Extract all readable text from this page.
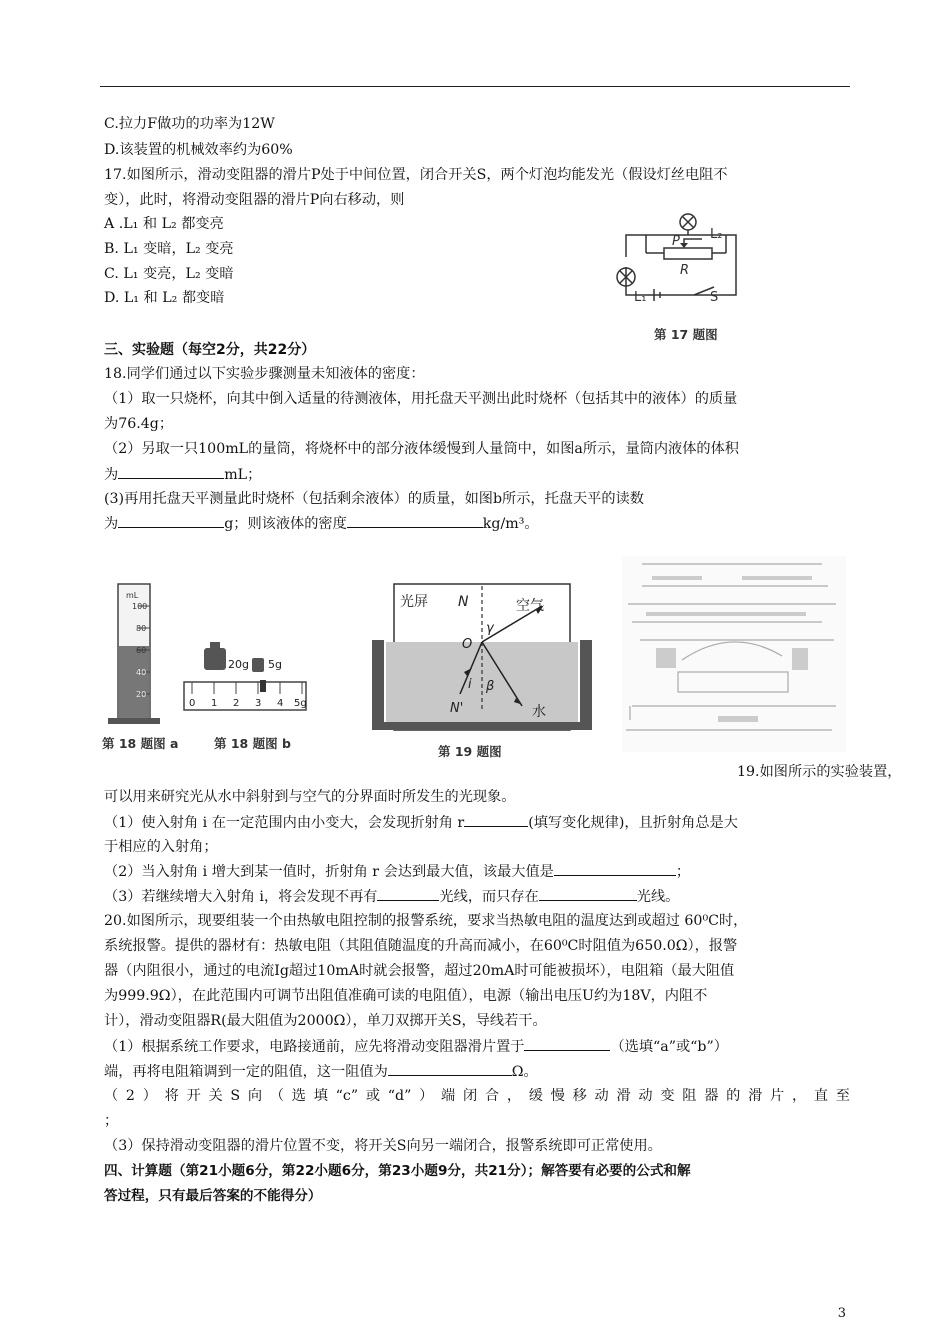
C.拉力F做功的功率为12W
D.该装置的机械效率约为60%
17.如图所示，滑动变阻器的滑片P处于中间位置，闭合开关S，两个灯泡均能发光（假设灯丝电阻不
变），此时，将滑动变阻器的滑片P向右移动，则
A .L₁ 和 L₂ 都变亮
B. L₁ 变暗，L₂ 变亮
C. L₁ 变亮，L₂ 变暗
D. L₁ 和 L₂ 都变暗
L₂
P
R
L₁	S
第 17 题图
三、实验题（每空2分，共22分）
18.同学们通过以下实验步骤测量未知液体的密度：
（1）取一只烧杯，向其中倒入适量的待测液体，用托盘天平测出此时烧杯（包括其中的液体）的质量
为76.4g；
（2）另取一只100mL的量筒，将烧杯中的部分液体缓慢到人量筒中，如图a所示，量筒内液体的体积
为	mL；
(3)再用托盘天平测量此时烧杯（包括剩余液体）的质量，如图b所示，托盘天平的读数
为	g；则该液体的密度	kg/m³。
mL
100
80
60
40
20
第 18 题图 a
20g 5g
0 1 2 3 4 5g
第 18 题图 b
光屏 N	空气
O
γ
i β
N'	水
第 19 题图
19.如图所示的实验装置，
可以用来研究光从水中斜射到与空气的分界面时所发生的光现象。
（1）使入射角 i 在一定范围内由小变大，会发现折射角 r	(填写变化规律)，且折射角总是大
于相应的入射角；
（2）当入射角 i 增大到某一值时，折射角 r 会达到最大值，该最大值是	；
（3）若继续增大入射角 i，将会发现不再有	光线，而只存在	光线。
20.如图所示，现要组装一个由热敏电阻控制的报警系统，要求当热敏电阻的温度达到或超过 60⁰C时，
系统报警。提供的器材有：热敏电阻（其阻值随温度的升高而减小，在60⁰C时阻值为650.0Ω），报警
器（内阻很小，通过的电流Ig超过10mA时就会报警，超过20mA时可能被损坏），电阻箱（最大阻值
为999.9Ω），在此范围内可调节出阻值准确可读的电阻值），电源（输出电压U约为18V，内阻不
计），滑动变阻器R(最大阻值为2000Ω），单刀双掷开关S，导线若干。
（1）根据系统工作要求，电路接通前，应先将滑动变阻器滑片置于	（选填“a”或“b”）
端，再将电阻箱调到一定的阻值，这一阻值为	Ω。
（2）将开关S向（选填“c”或“d”）端闭合，缓慢移动滑动变阻器的滑片，直至
；
（3）保持滑动变阻器的滑片位置不变，将开关S向另一端闭合，报警系统即可正常使用。
四、计算题（第21小题6分，第22小题6分，第23小题9分，共21分）；解答要有必要的公式和解
答过程，只有最后答案的不能得分）
3
